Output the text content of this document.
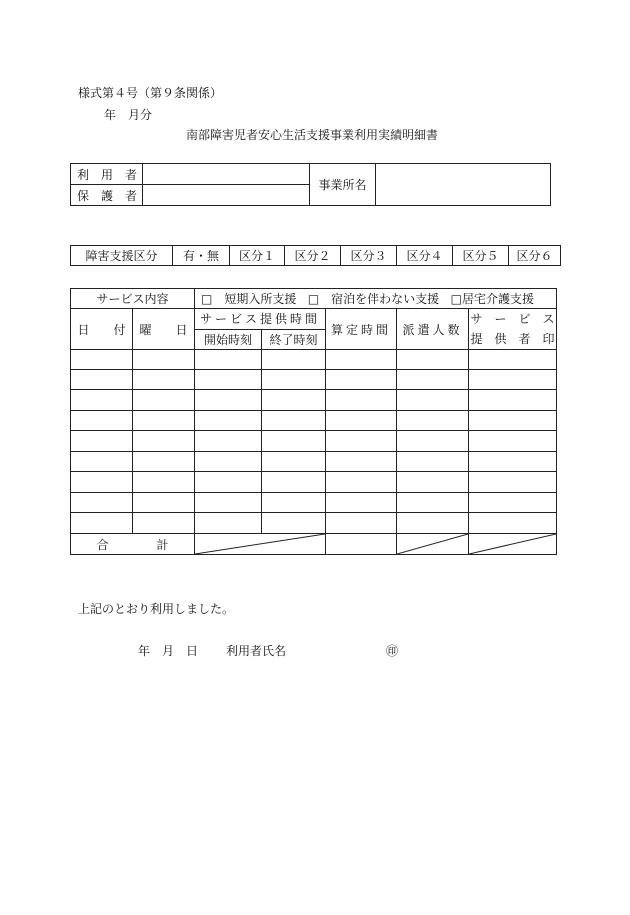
様式第４号（第９条関係）
年　月分
南部障害児者安心生活支援事業利用実績明細書
利　用　者		事業所名	
保　護　者			
障害支援区分	有・無	区分１	区分２	区分３	区分４	区分５	区分６
サービス内容		□　短期入所支援 □　宿泊を伴わない支援 □居宅介護支援				
日　　付	曜　　日	サービス提供時間		算定時間	派遣人数	サ　ー　ビ　ス
提　供　者　印

		開始時刻	終了時刻			

合　　　　計	

上記のとおり利用しました。
年　月　日 利用者氏名	㊞
